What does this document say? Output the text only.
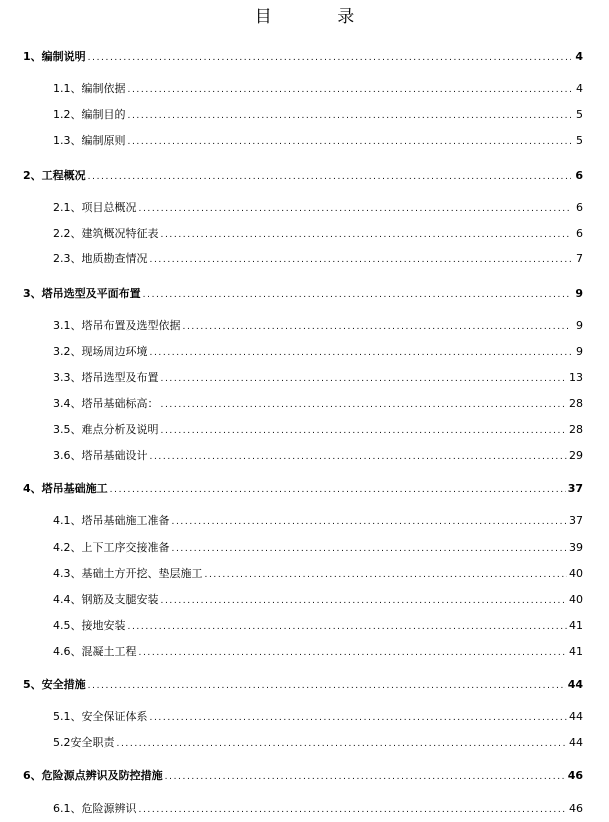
目 录
1、编制说明 .....	4
1.1、编制依据 .....	4
1.2、编制目的 .....	5
1.3、编制原则 .....	5
2、工程概况 .....	6
2.1、项目总概况 .....	6
2.2、建筑概况特征表 .....	6
2.3、地质勘查情况 .....	7
3、塔吊选型及平面布置 .....	9
3.1、塔吊布置及选型依据 .....	9
3.2、现场周边环境 .....	9
3.3、塔吊选型及布置 .....	13
3.4、塔吊基础标高： .....	28
3.5、难点分析及说明 .....	28
3.6、塔吊基础设计 .....	29
4、塔吊基础施工 .....	37
4.1、塔吊基础施工准备 .....	37
4.2、上下工序交接准备 .....	39
4.3、基础土方开挖、垫层施工 .....	40
4.4、钢筋及支腿安装 .....	40
4.5、接地安装 .....	41
4.6、混凝土工程 .....	41
5、安全措施 .....	44
5.1、安全保证体系 .....	44
5.2安全职责 .....	44
6、危险源点辨识及防控措施 .....	46
6.1、危险源辨识 .....	46
